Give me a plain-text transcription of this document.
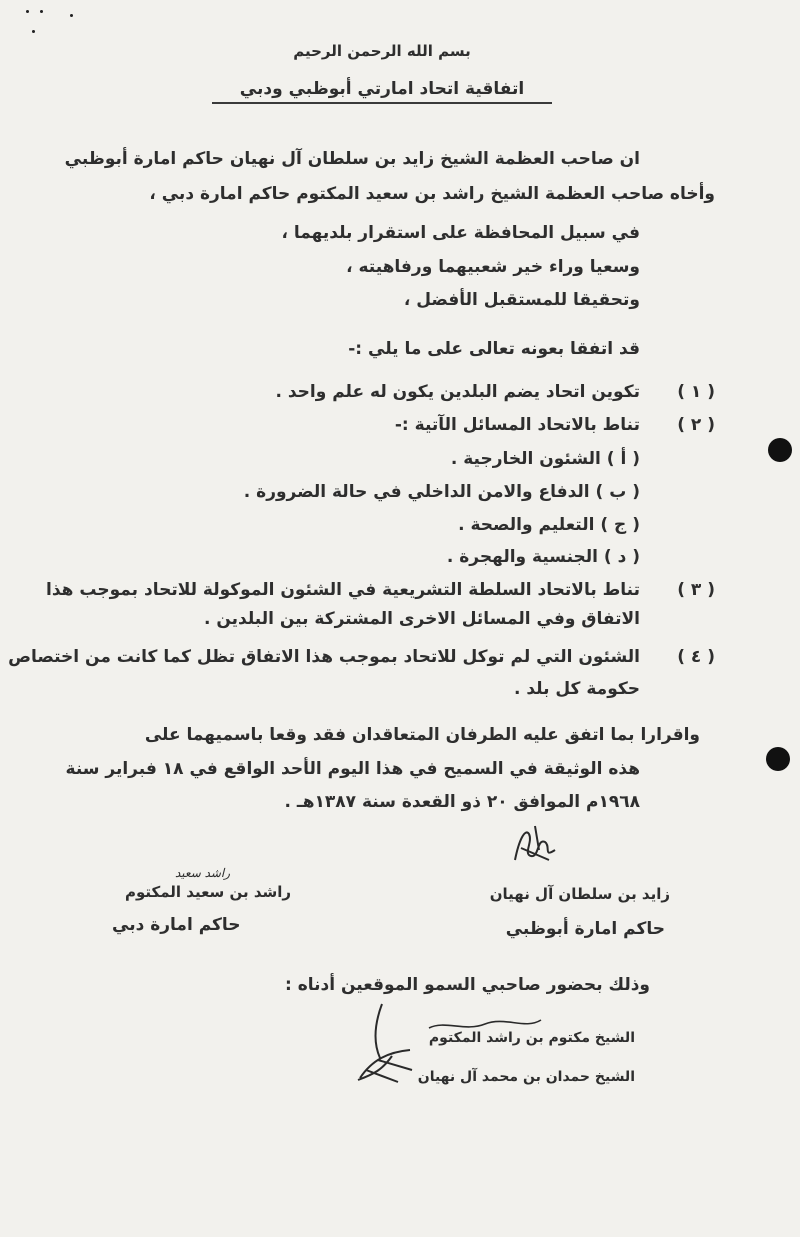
بسم الله الرحمن الرحيم
اتفاقية اتحاد امارتي أبوظبي ودبي
ان صاحب العظمة الشيخ زايد بن سلطان آل نهيان حاكم امارة أبوظبي
وأخاه صاحب العظمة الشيخ راشد بن سعيد المكتوم حاكم امارة دبي ،
في سبيل المحافظة على استقرار بلديهما ،
وسعيا وراء خير شعبيهما ورفاهيته ،
وتحقيقا للمستقبل الأفضل ،
قد اتفقا بعونه تعالى على ما يلي :-
( ١ )
تكوين اتحاد يضم البلدين يكون له علم واحد .
( ٢ )
تناط بالاتحاد المسائل الآتية :-
( أ ) الشئون الخارجية .
( ب ) الدفاع والامن الداخلي في حالة الضرورة .
( ج ) التعليم والصحة .
( د ) الجنسية والهجرة .
( ٣ )
تناط بالاتحاد السلطة التشريعية في الشئون الموكولة للاتحاد بموجب هذا
الاتفاق وفي المسائل الاخرى المشتركة بين البلدين .
( ٤ )
الشئون التي لم توكل للاتحاد بموجب هذا الاتفاق تظل كما كانت من اختصاص
حكومة كل بلد .
واقرارا بما اتفق عليه الطرفان المتعاقدان فقد وقعا باسميهما على
هذه الوثيقة في السميح في هذا اليوم الأحد الواقع في ١٨ فبراير سنة
١٩٦٨م الموافق ٢٠ ذو القعدة سنة ١٣٨٧هـ .
زايد بن سلطان آل نهيان
حاكم امارة أبوظبي
راشد سعيد
راشد بن سعيد المكتوم
حاكم امارة دبي
وذلك بحضور صاحبي السمو الموقعين أدناه :
الشيخ مكتوم بن راشد المكتوم
الشيخ حمدان بن محمد آل نهيان
